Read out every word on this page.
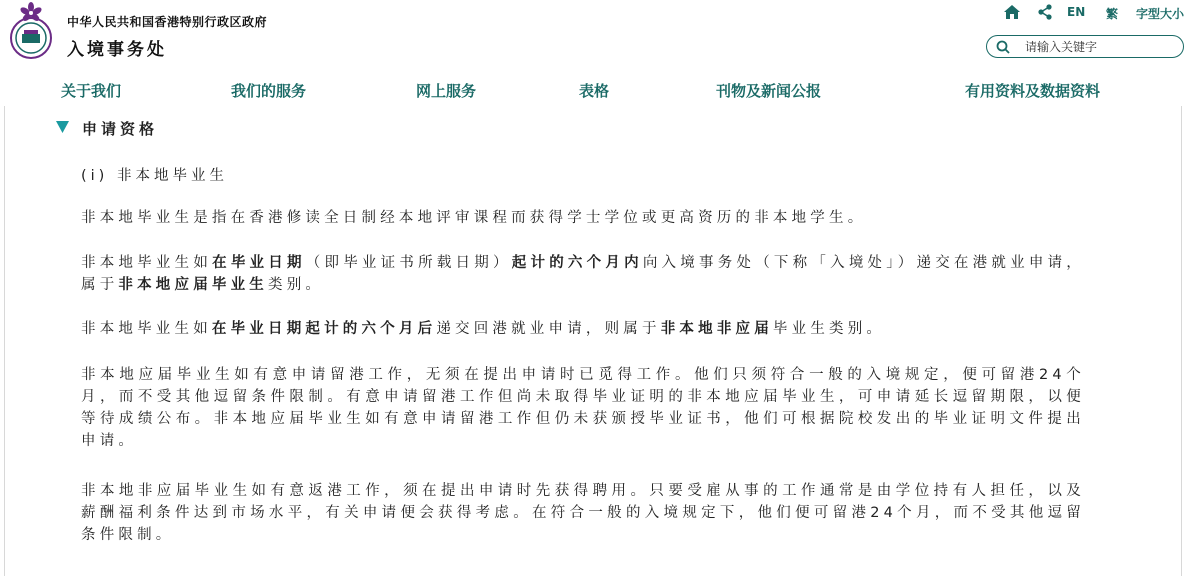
中华人民共和国香港特别行政区政府
入境事务处
EN 繁 字型大小
请输入关键字
关于我们	我们的服务	网上服务	表格	刊物及新闻公报	有用资料及数据资料
申请资格
(i) 非本地毕业生
非本地毕业生是指在香港修读全日制经本地评审课程而获得学士学位或更高资历的非本地学生。
非本地毕业生如在毕业日期（即毕业证书所载日期）起计的六个月内向入境事务处（下称「入境处」）递交在港就业申请，属于非本地应届毕业生类别。
非本地毕业生如在毕业日期起计的六个月后递交回港就业申请，则属于非本地非应届毕业生类别。
非本地应届毕业生如有意申请留港工作，无须在提出申请时已觅得工作。他们只须符合一般的入境规定，便可留港24个月，而不受其他逗留条件限制。有意申请留港工作但尚未取得毕业证明的非本地应届毕业生，可申请延长逗留期限，以便等待成绩公布。非本地应届毕业生如有意申请留港工作但仍未获颁授毕业证书，他们可根据院校发出的毕业证明文件提出申请。
非本地非应届毕业生如有意返港工作，须在提出申请时先获得聘用。只要受雇从事的工作通常是由学位持有人担任，以及薪酬福利条件达到市场水平，有关申请便会获得考虑。在符合一般的入境规定下，他们便可留港24个月，而不受其他逗留条件限制。
